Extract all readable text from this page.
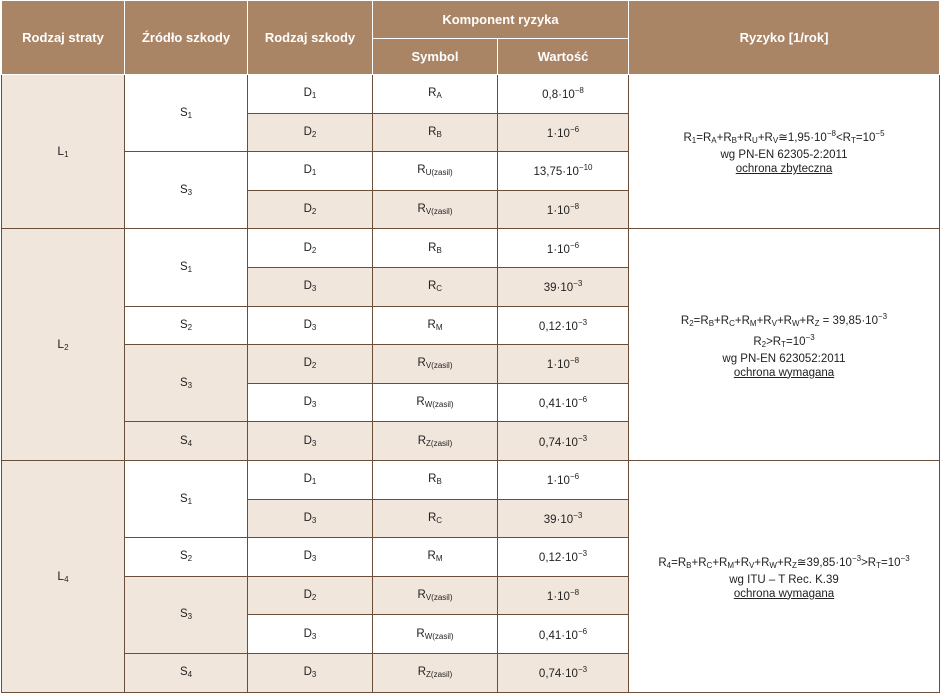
Rodzaj straty	Źródło szkody	Rodzaj szkody	Komponent ryzyka		Ryzyko [1/rok]
			Symbol	Wartość	
$L_1$	$S_1$	$D_1$	$R_A$	$0,8\cdot 10^{-8}$	$R_1=R_A+R_B+R_U+R_V≅1,95\cdot 10^{-8}<R_T=10^{-5}$
wg PN-EN 62305-2:2011
ochrona zbyteczna

		$D_2$	$R_B$	$1\cdot 10^{-6}$
	$S_3$	$D_1$	$R_{U(zasil)}$	$13,75\cdot 10^{-10}$
		$D_2$	$R_{V(zasil)}$	$1\cdot 10^{-8}$
$L_2$	$S_1$	$D_2$	$R_B$	$1\cdot 10^{-6}$	$R_2=R_B+R_C+R_M+R_V+R_W+R_Z = 39,85\cdot 10^{-3}$
$R_2>R_T=10^{-3}$
wg PN-EN 623052:2011
ochrona wymagana

		$D_3$	$R_C$	$39\cdot 10^{-3}$
	$S_2$	$D_3$	$R_M$	$0,12\cdot 10^{-3}$
	$S_3$	$D_2$	$R_{V(zasil)}$	$1\cdot 10^{-8}$
		$D_3$	$R_{W(zasil)}$	$0,41\cdot 10^{-6}$
	$S_4$	$D_3$	$R_{Z(zasil)}$	$0,74\cdot 10^{-3}$
$L_4$	$S_1$	$D_1$	$R_B$	$1\cdot 10^{-6}$	$R_4=R_B+R_C+R_M+R_V+R_W+R_Z≅39,85\cdot 10^{-3}>R_T=10^{-3}$
wg ITU – T Rec. K.39
ochrona wymagana

		$D_3$	$R_C$	$39\cdot 10^{-3}$
	$S_2$	$D_3$	$R_M$	$0,12\cdot 10^{-3}$
	$S_3$	$D_2$	$R_{V(zasil)}$	$1\cdot 10^{-8}$
		$D_3$	$R_{W(zasil)}$	$0,41\cdot 10^{-6}$
	$S_4$	$D_3$	$R_{Z(zasil)}$	$0,74\cdot 10^{-3}$
